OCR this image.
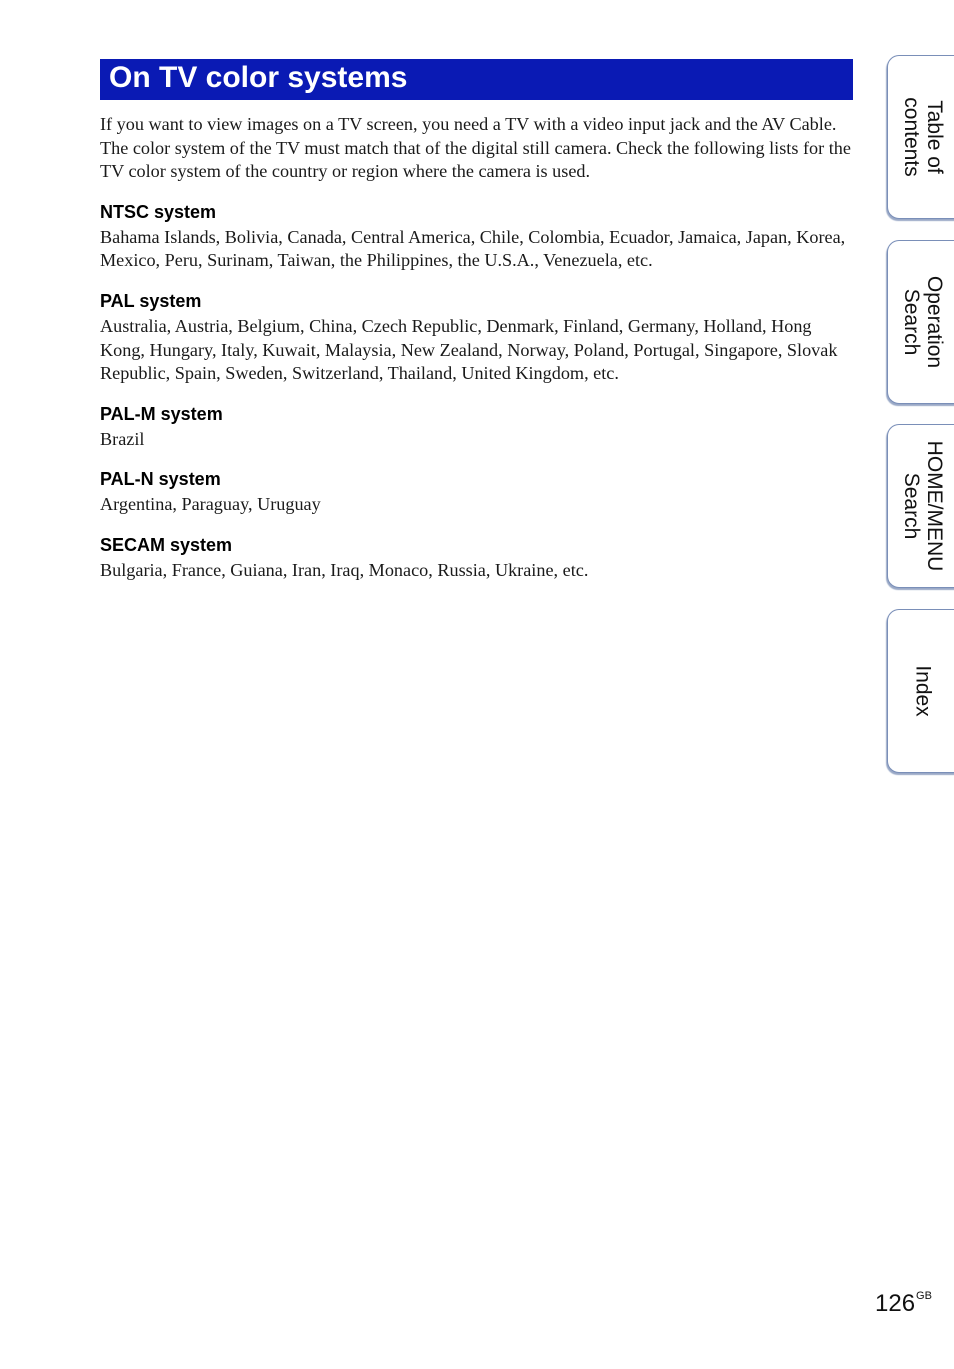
On TV color systems

If you want to view images on a TV screen, you need a TV with a video input jack and the AV Cable. The color system of the TV must match that of the digital still camera. Check the following lists for the TV color system of the country or region where the camera is used.

NTSC system

Bahama Islands, Bolivia, Canada, Central America, Chile, Colombia, Ecuador, Jamaica, Japan, Korea, Mexico, Peru, Surinam, Taiwan, the Philippines, the U.S.A., Venezuela, etc.

PAL system

Australia, Austria, Belgium, China, Czech Republic, Denmark, Finland, Germany, Holland, Hong Kong, Hungary, Italy, Kuwait, Malaysia, New Zealand, Norway, Poland, Portugal, Singapore, Slovak Republic, Spain, Sweden, Switzerland, Thailand, United Kingdom, etc.

PAL-M system

Brazil

PAL-N system

Argentina, Paraguay, Uruguay

SECAM system

Bulgaria, France, Guiana, Iran, Iraq, Monaco, Russia, Ukraine, etc.

Table of
contents
Operation
Search
HOME/MENU
Search
Index
$126^{GB}$
